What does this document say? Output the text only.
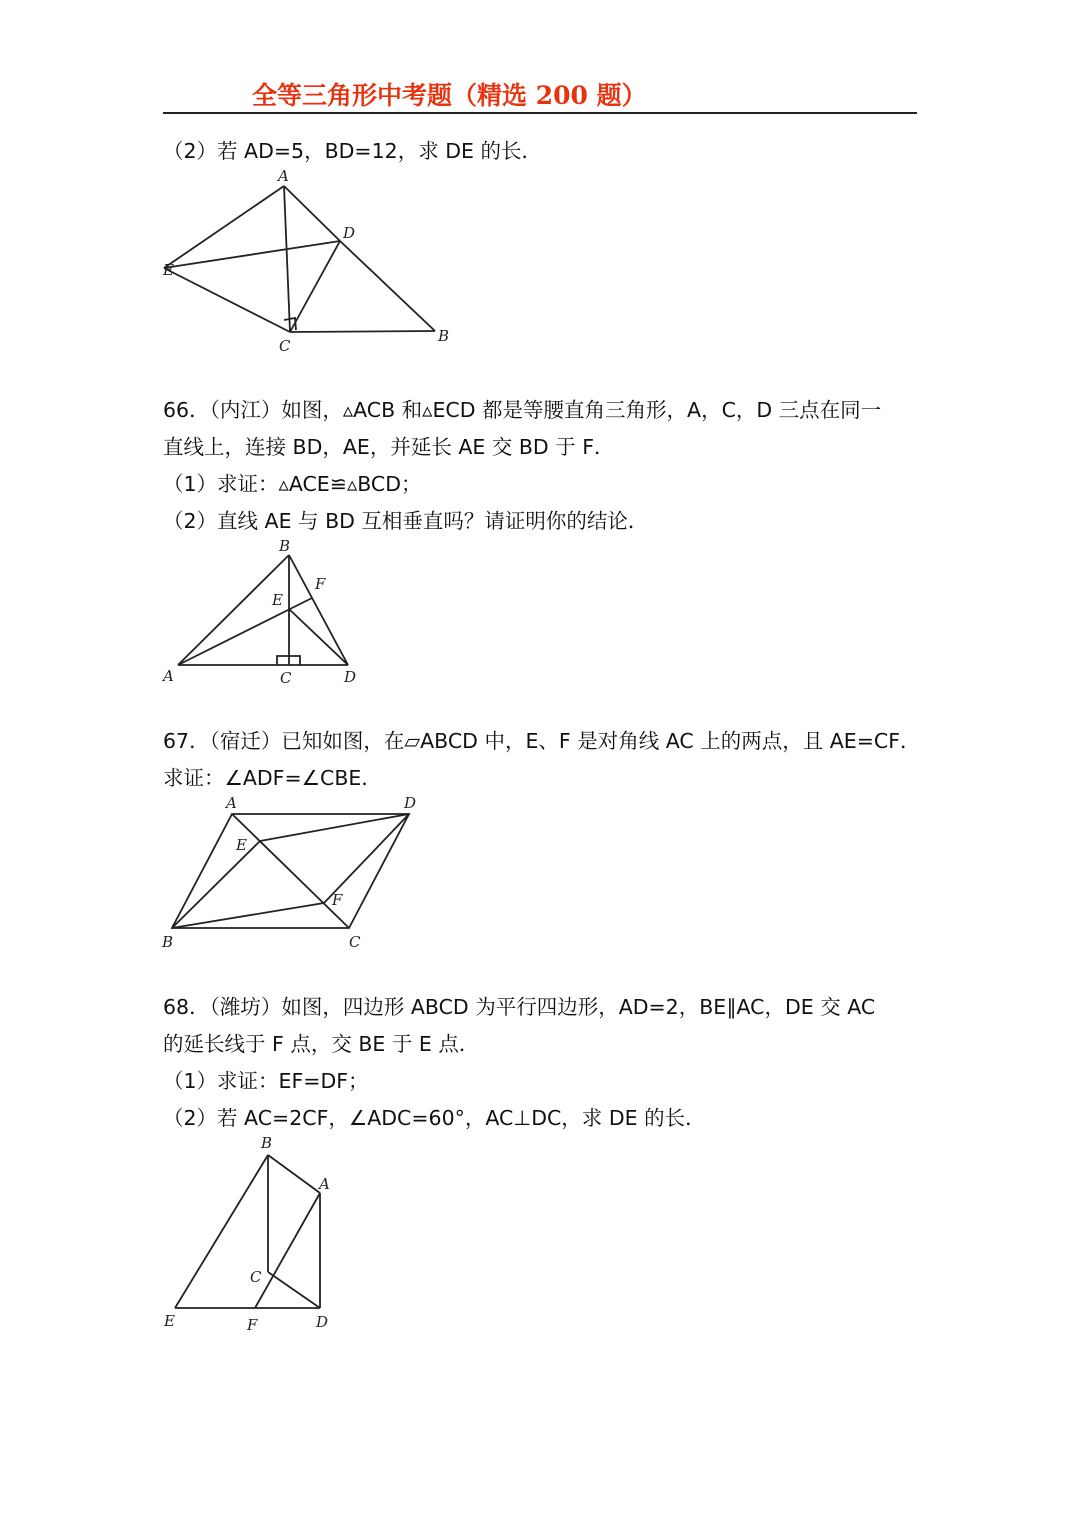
全等三角形中考题（精选 200 题）
（2）若 AD=5，BD=12，求 DE 的长．
A
D
E
C
B
66．（内江）如图，▵ACB 和▵ECD 都是等腰直角三角形，A，C，D 三点在同一
直线上，连接 BD，AE，并延长 AE 交 BD 于 F．
（1）求证：▵ACE≌▵BCD；
（2）直线 AE 与 BD 互相垂直吗？请证明你的结论．
B
F
E
A	C	D
67．（宿迁）已知如图，在▱ABCD 中，E、F 是对角线 AC 上的两点，且 AE=CF．
求证：∠ADF=∠CBE．
A	D
E
F
B	C
68．（潍坊）如图，四边形 ABCD 为平行四边形，AD=2，BE∥AC，DE 交 AC
的延长线于 F 点，交 BE 于 E 点．
（1）求证：EF=DF；
（2）若 AC=2CF，∠ADC=60°，AC⊥DC，求 DE 的长．
B
A
C
E	F	D
